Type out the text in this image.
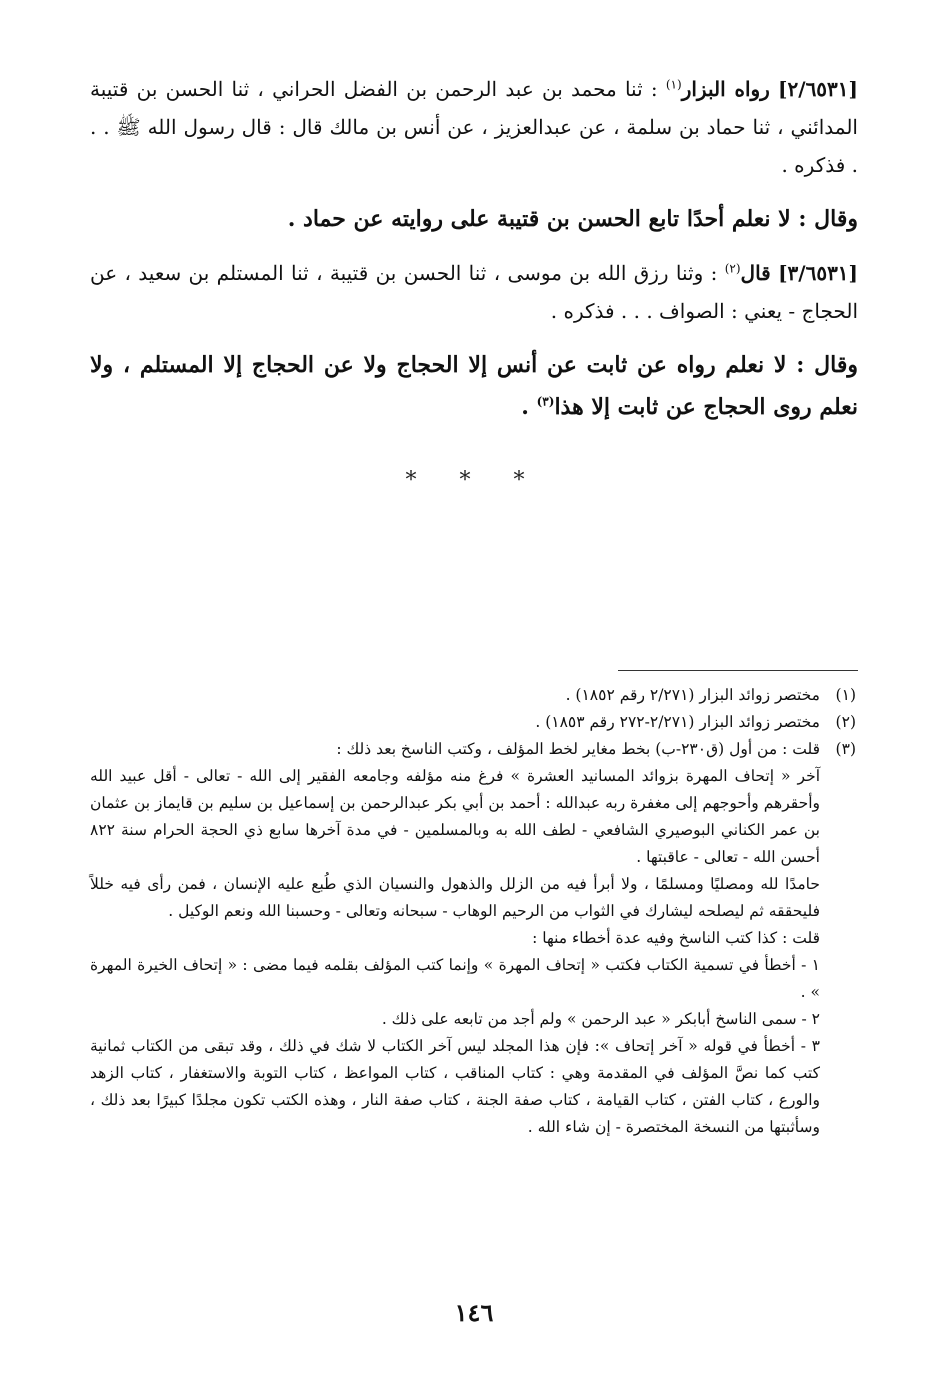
[٢/٦٥٣١] رواه البزار$^{(١)}$ : ثنا محمد بن عبد الرحمن بن الفضل الحراني ، ثنا الحسن بن قتيبة المدائني ، ثنا حماد بن سلمة ، عن عبدالعزيز ، عن أنس بن مالك قال : قال رسول الله ﷺ . . . فذكره .

وقال : لا نعلم أحدًا تابع الحسن بن قتيبة على روايته عن حماد .

[٣/٦٥٣١] قال$^{(٢)}$ : وثنا رزق الله بن موسى ، ثنا الحسن بن قتيبة ، ثنا المستلم بن سعيد ، عن الحجاج - يعني : الصواف . . . فذكره .

وقال : لا نعلم رواه عن ثابت عن أنس إلا الحجاج ولا عن الحجاج إلا المستلم ، ولا نعلم روى الحجاج عن ثابت إلا هذا$^{(٣)}$ .

* * *
(١)
مختصر زوائد البزار (٢/٢٧١ رقم ١٨٥٢) .
(٢)
مختصر زوائد البزار (٢/٢٧١-٢٧٢ رقم ١٨٥٣) .
(٣)
قلت : من أول (ق٢٣٠-ب) بخط مغاير لخط المؤلف ، وكتب الناسخ بعد ذلك :
آخر « إتحاف المهرة بزوائد المسانيد العشرة » فرغ منه مؤلفه وجامعه الفقير إلى الله - تعالى - أقل عبيد الله وأحقرهم وأحوجهم إلى مغفرة ربه عبدالله : أحمد بن أبي بكر عبدالرحمن بن إسماعيل بن سليم بن قايماز بن عثمان بن عمر الكناني البوصيري الشافعي - لطف الله به وبالمسلمين - في مدة آخرها سابع ذي الحجة الحرام سنة ٨٢٢ أحسن الله - تعالى - عاقبتها .
حامدًا لله ومصليًا ومسلمًا ، ولا أبرأ فيه من الزلل والذهول والنسيان الذي طُبع عليه الإنسان ، فمن رأى فيه خللاً فليحققه ثم ليصلحه ليشارك في الثواب من الرحيم الوهاب - سبحانه وتعالى - وحسبنا الله ونعم الوكيل .
قلت : كذا كتب الناسخ وفيه عدة أخطاء منها :
١ - أخطأ في تسمية الكتاب فكتب « إتحاف المهرة » وإنما كتب المؤلف بقلمه فيما مضى : « إتحاف الخيرة المهرة » .
٢ - سمى الناسخ أبابكر « عبد الرحمن » ولم أجد من تابعه على ذلك .
٣ - أخطأ في قوله « آخر إتحاف »: فإن هذا المجلد ليس آخر الكتاب لا شك في ذلك ، وقد تبقى من الكتاب ثمانية كتب كما نصَّ المؤلف في المقدمة وهي : كتاب المناقب ، كتاب المواعظ ، كتاب التوبة والاستغفار ، كتاب الزهد والورع ، كتاب الفتن ، كتاب القيامة ، كتاب صفة الجنة ، كتاب صفة النار ، وهذه الكتب تكون مجلدًا كبيرًا بعد ذلك ، وسأثبتها من النسخة المختصرة - إن شاء الله .
١٤٦
